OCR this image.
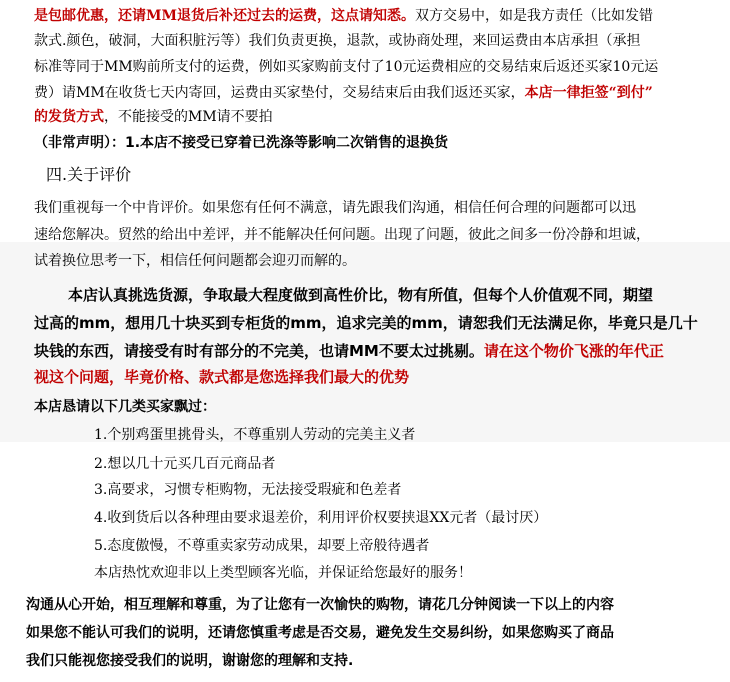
是包邮优惠，还请MM退货后补还过去的运费，这点请知悉。双方交易中，如是我方责任（比如发错
款式.颜色，破洞，大面积脏污等）我们负责更换，退款，或协商处理，来回运费由本店承担（承担
标准等同于MM购前所支付的运费，例如买家购前支付了10元运费相应的交易结束后返还买家10元运
费）请MM在收货七天内寄回，运费由买家垫付，交易结束后由我们返还买家，本店一律拒签“到付”
的发货方式，不能接受的MM请不要拍
（非常声明）：1.本店不接受已穿着已洗涤等影响二次销售的退换货
四.关于评价
我们重视每一个中肯评价。如果您有任何不满意，请先跟我们沟通，相信任何合理的问题都可以迅
速给您解决。贸然的给出中差评，并不能解决任何问题。出现了问题，彼此之间多一份冷静和坦诚，
试着换位思考一下，相信任何问题都会迎刃而解的。
本店认真挑选货源，争取最大程度做到高性价比，物有所值，但每个人价值观不同，期望
过高的mm，想用几十块买到专柜货的mm，追求完美的mm，请恕我们无法满足你，毕竟只是几十
块钱的东西，请接受有时有部分的不完美，也请MM不要太过挑剔。请在这个物价飞涨的年代正
视这个问题，毕竟价格、款式都是您选择我们最大的优势
本店恳请以下几类买家飘过：
1.个别鸡蛋里挑骨头，不尊重别人劳动的完美主义者
2.想以几十元买几百元商品者
3.高要求，习惯专柜购物，无法接受瑕疵和色差者
4.收到货后以各种理由要求退差价，利用评价权要挟退XX元者（最讨厌）
5.态度傲慢，不尊重卖家劳动成果，却要上帝般待遇者
本店热忱欢迎非以上类型顾客光临，并保证给您最好的服务！
沟通从心开始，相互理解和尊重，为了让您有一次愉快的购物，请花几分钟阅读一下以上的内容
如果您不能认可我们的说明，还请您慎重考虑是否交易，避免发生交易纠纷，如果您购买了商品
我们只能视您接受我们的说明，谢谢您的理解和支持.
